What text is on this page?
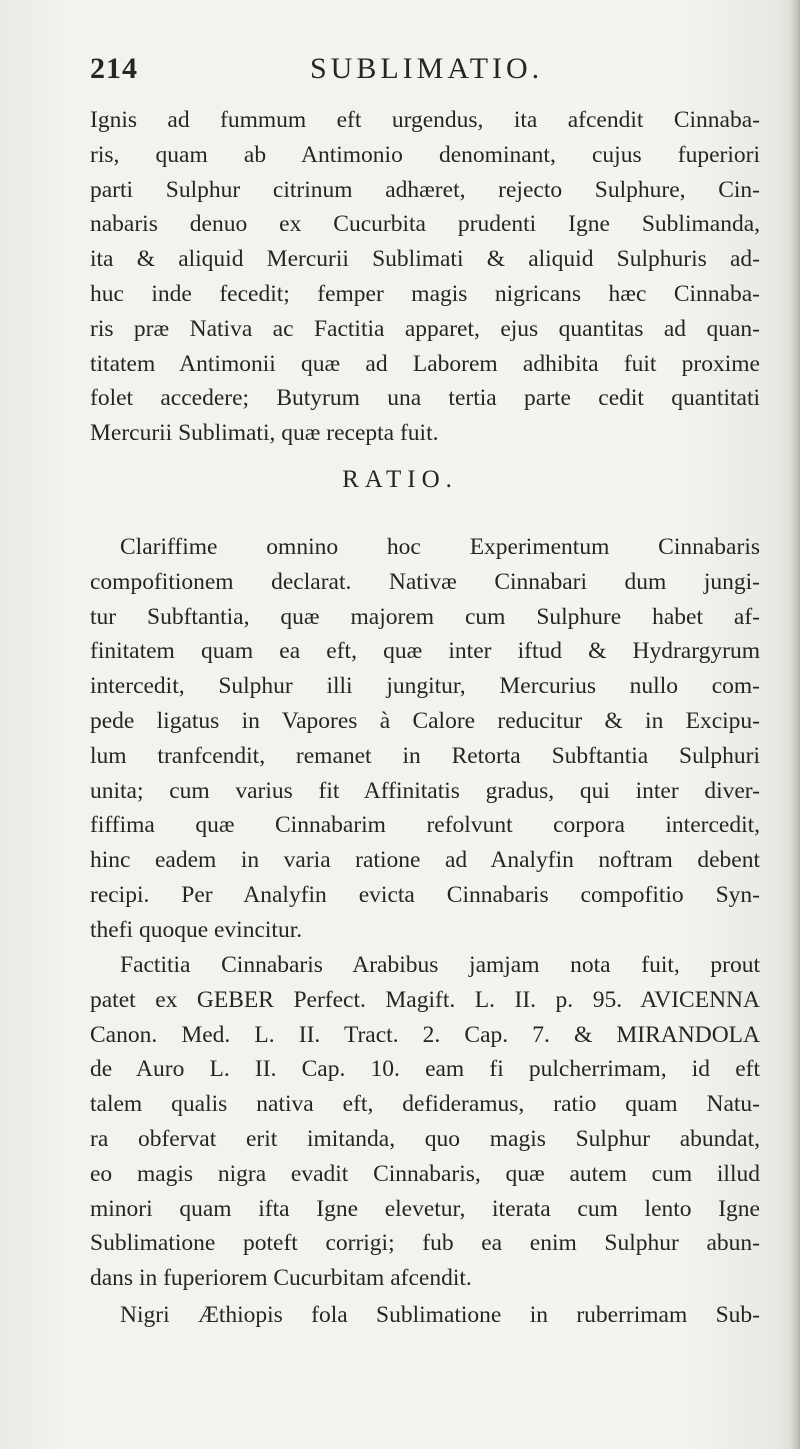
214	SUBLIMATIO.
Ignis ad fummum eft urgendus, ita afcendit Cinnaba-
ris, quam ab Antimonio denominant, cujus fuperiori
parti Sulphur citrinum adhæret, rejecto Sulphure, Cin-
nabaris denuo ex Cucurbita prudenti Igne Sublimanda,
ita & aliquid Mercurii Sublimati & aliquid Sulphuris ad-
huc inde fecedit; femper magis nigricans hæc Cinnaba-
ris præ Nativa ac Factitia apparet, ejus quantitas ad quan-
titatem Antimonii quæ ad Laborem adhibita fuit proxime
folet accedere; Butyrum una tertia parte cedit quantitati
Mercurii Sublimati, quæ recepta fuit.
RATIO.
Clariffime omnino hoc Experimentum Cinnabaris
compofitionem declarat. Nativæ Cinnabari dum jungi-
tur Subftantia, quæ majorem cum Sulphure habet af-
finitatem quam ea eft, quæ inter iftud & Hydrargyrum
intercedit, Sulphur illi jungitur, Mercurius nullo com-
pede ligatus in Vapores à Calore reducitur & in Excipu-
lum tranfcendit, remanet in Retorta Subftantia Sulphuri
unita; cum varius fit Affinitatis gradus, qui inter diver-
fiffima quæ Cinnabarim refolvunt corpora intercedit,
hinc eadem in varia ratione ad Analyfin noftram debent
recipi. Per Analyfin evicta Cinnabaris compofitio Syn-
thefi quoque evincitur.
Factitia Cinnabaris Arabibus jamjam nota fuit, prout
patet ex GEBER Perfect. Magift. L. II. p. 95. AVICENNA
Canon. Med. L. II. Tract. 2. Cap. 7. & MIRANDOLA
de Auro L. II. Cap. 10. eam fi pulcherrimam, id eft
talem qualis nativa eft, defideramus, ratio quam Natu-
ra obfervat erit imitanda, quo magis Sulphur abundat,
eo magis nigra evadit Cinnabaris, quæ autem cum illud
minori quam ifta Igne elevetur, iterata cum lento Igne
Sublimatione poteft corrigi; fub ea enim Sulphur abun-
dans in fuperiorem Cucurbitam afcendit.
Nigri Æthiopis fola Sublimatione in ruberrimam Sub-
